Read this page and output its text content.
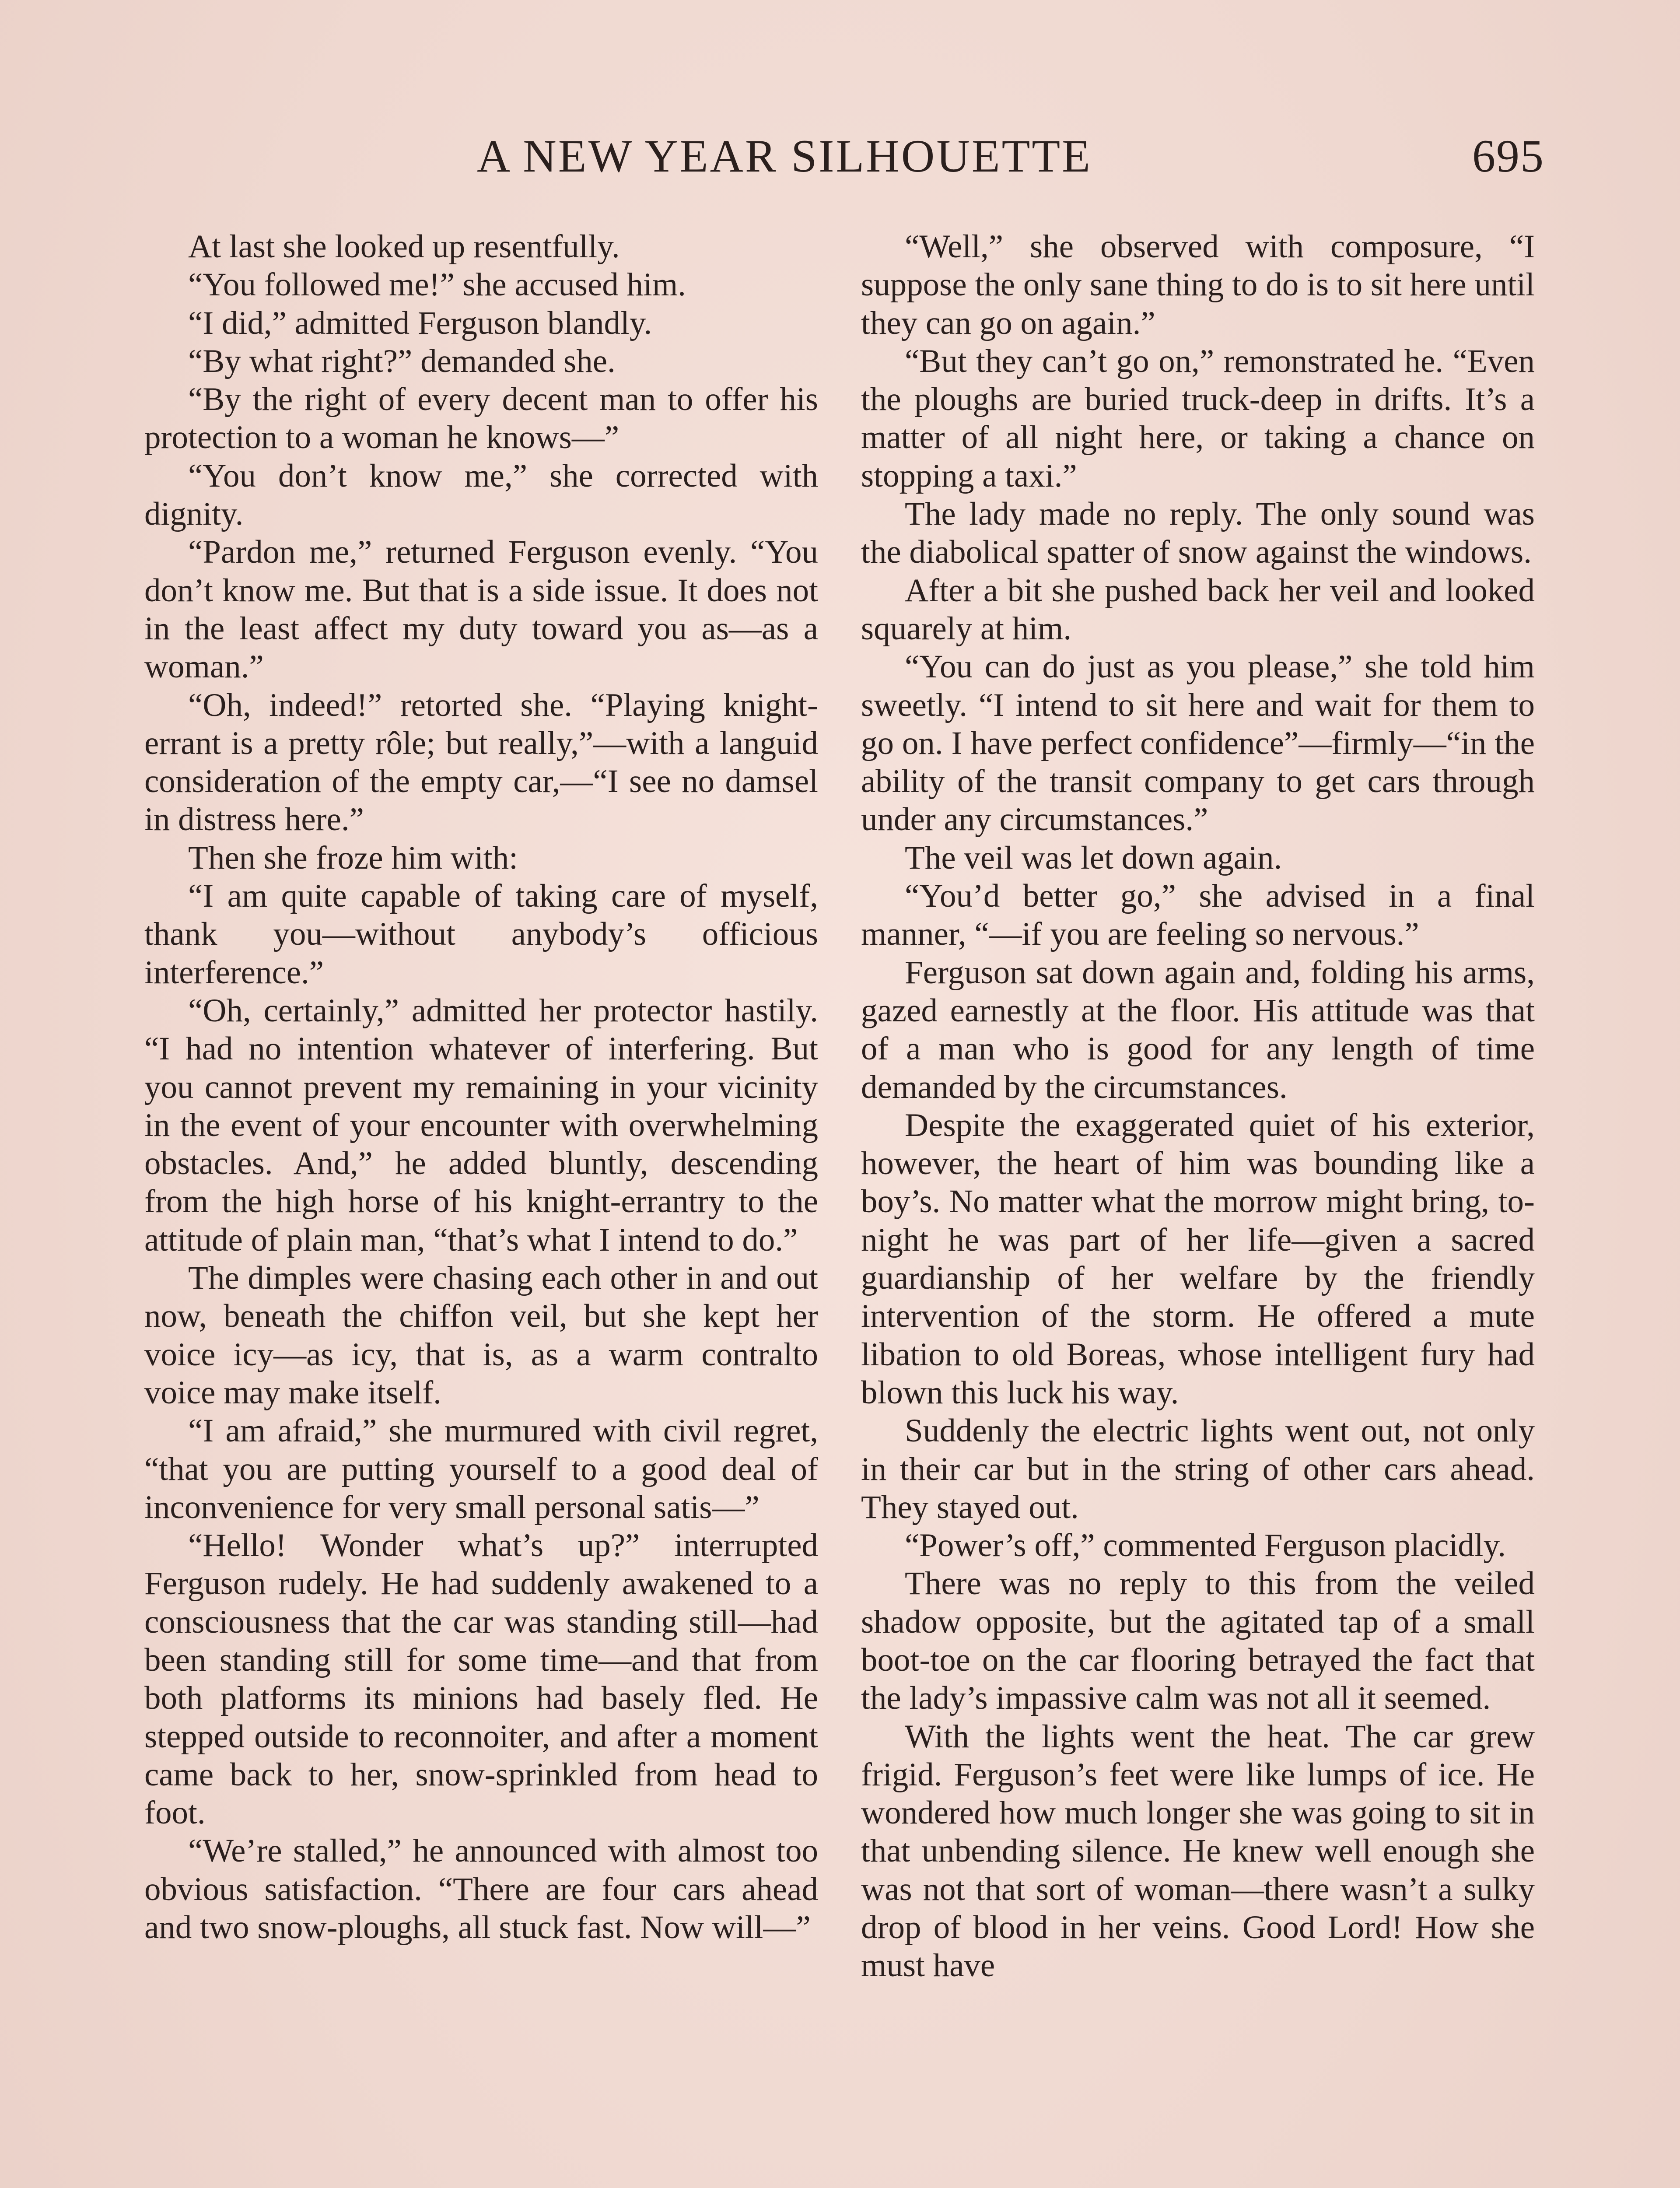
A NEW YEAR SILHOUETTE	695

At last she looked up resentfully.

“You followed me!” she accused him.

“I did,” admitted Ferguson blandly.

“By what right?” demanded she.

“By the right of every decent man to offer his protection to a woman he knows—”

“You don’t know me,” she corrected with dignity.

“Pardon me,” returned Ferguson evenly. “You don’t know me. But that is a side issue. It does not in the least affect my duty toward you as—as a woman.”

“Oh, indeed!” retorted she. “Playing knight-errant is a pretty rôle; but really,”—with a languid consideration of the empty car,—“I see no damsel in distress here.”

Then she froze him with:

“I am quite capable of taking care of myself, thank you—without anybody’s officious interference.”

“Oh, certainly,” admitted her protector hastily. “I had no intention whatever of interfering. But you cannot prevent my remaining in your vicinity in the event of your encounter with overwhelming obstacles. And,” he added bluntly, descending from the high horse of his knight-errantry to the attitude of plain man, “that’s what I intend to do.”

The dimples were chasing each other in and out now, beneath the chiffon veil, but she kept her voice icy—as icy, that is, as a warm contralto voice may make itself.

“I am afraid,” she murmured with civil regret, “that you are putting yourself to a good deal of inconvenience for very small personal satis—”

“Hello! Wonder what’s up?” interrupted Ferguson rudely. He had suddenly awakened to a consciousness that the car was standing still—had been standing still for some time—and that from both platforms its minions had basely fled. He stepped outside to reconnoiter, and after a moment came back to her, snow-sprinkled from head to foot.

“We’re stalled,” he announced with almost too obvious satisfaction. “There are four cars ahead and two snow-ploughs, all stuck fast. Now will—”

“Well,” she observed with composure, “I suppose the only sane thing to do is to sit here until they can go on again.”

“But they can’t go on,” remonstrated he. “Even the ploughs are buried truck-deep in drifts. It’s a matter of all night here, or taking a chance on stopping a taxi.”

The lady made no reply. The only sound was the diabolical spatter of snow against the windows.

After a bit she pushed back her veil and looked squarely at him.

“You can do just as you please,” she told him sweetly. “I intend to sit here and wait for them to go on. I have perfect confidence”—firmly—“in the ability of the transit company to get cars through under any circumstances.”

The veil was let down again.

“You’d better go,” she advised in a final manner, “—if you are feeling so nervous.”

Ferguson sat down again and, folding his arms, gazed earnestly at the floor. His attitude was that of a man who is good for any length of time demanded by the circumstances.

Despite the exaggerated quiet of his exterior, however, the heart of him was bounding like a boy’s. No matter what the morrow might bring, to-night he was part of her life—given a sacred guardianship of her welfare by the friendly intervention of the storm. He offered a mute libation to old Boreas, whose intelligent fury had blown this luck his way.

Suddenly the electric lights went out, not only in their car but in the string of other cars ahead. They stayed out.

“Power’s off,” commented Ferguson placidly.

There was no reply to this from the veiled shadow opposite, but the agitated tap of a small boot-toe on the car flooring betrayed the fact that the lady’s impassive calm was not all it seemed.

With the lights went the heat. The car grew frigid. Ferguson’s feet were like lumps of ice. He wondered how much longer she was going to sit in that unbending silence. He knew well enough she was not that sort of woman—there wasn’t a sulky drop of blood in her veins. Good Lord! How she must have
